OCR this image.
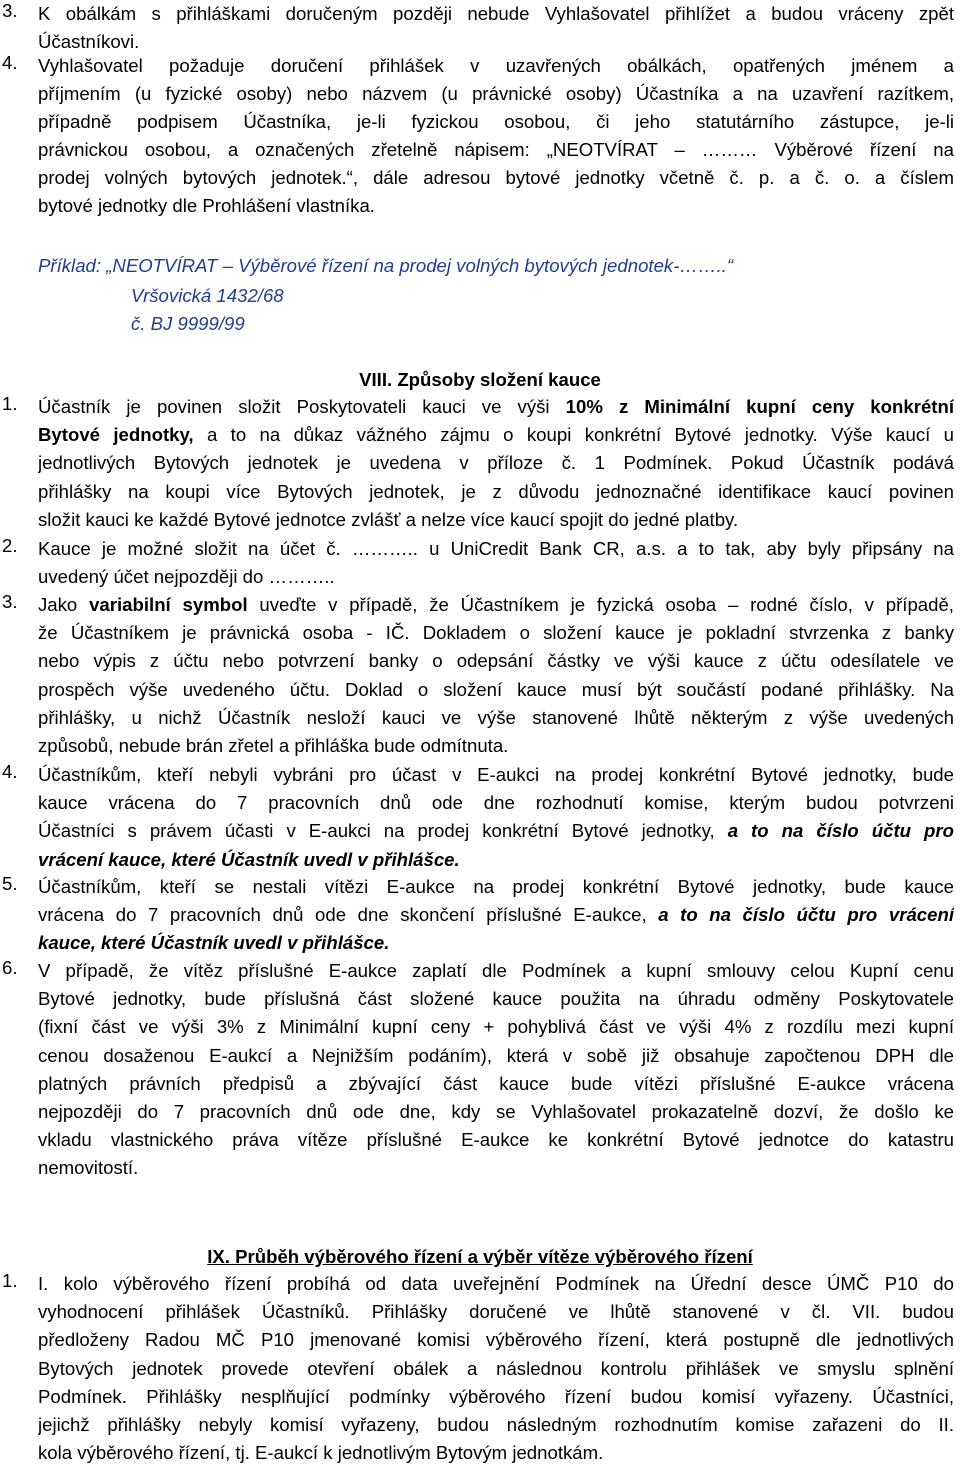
3. K obálkám s přihláškami doručeným později nebude Vyhlašovatel přihlížet a budou vráceny zpět
Účastníkovi.
4. Vyhlašovatel požaduje doručení přihlášek v uzavřených obálkách, opatřených jménem a
příjmením (u fyzické osoby) nebo názvem (u právnické osoby) Účastníka a na uzavření razítkem,
případně podpisem Účastníka, je-li fyzickou osobou, či jeho statutárního zástupce, je-li
právnickou osobou, a označených zřetelně nápisem: „NEOTVÍRAT – ……… Výběrové řízení na
prodej volných bytových jednotek.“, dále adresou bytové jednotky včetně č. p. a č. o. a číslem
bytové jednotky dle Prohlášení vlastníka.
Příklad: „NEOTVÍRAT – Výběrové řízení na prodej volných bytových jednotek-……..“
Vršovická 1432/68
č. BJ 9999/99
VIII. Způsoby složení kauce
1. Účastník je povinen složit Poskytovateli kauci ve výši 10% z Minimální kupní ceny konkrétní
Bytové jednotky, a to na důkaz vážného zájmu o koupi konkrétní Bytové jednotky. Výše kaucí u
jednotlivých Bytových jednotek je uvedena v příloze č. 1 Podmínek. Pokud Účastník podává
přihlášky na koupi více Bytových jednotek, je z důvodu jednoznačné identifikace kaucí povinen
složit kauci ke každé Bytové jednotce zvlášť a nelze více kaucí spojit do jedné platby.
2. Kauce je možné složit na účet č. ……….. u UniCredit Bank CR, a.s. a to tak, aby byly připsány na
uvedený účet nejpozději do ………..
3. Jako variabilní symbol uveďte v případě, že Účastníkem je fyzická osoba – rodné číslo, v případě,
že Účastníkem je právnická osoba - IČ. Dokladem o složení kauce je pokladní stvrzenka z banky
nebo výpis z účtu nebo potvrzení banky o odepsání částky ve výši kauce z účtu odesílatele ve
prospěch výše uvedeného účtu. Doklad o složení kauce musí být součástí podané přihlášky. Na
přihlášky, u nichž Účastník nesloží kauci ve výše stanovené lhůtě některým z výše uvedených
způsobů, nebude brán zřetel a přihláška bude odmítnuta.
4. Účastníkům, kteří nebyli vybráni pro účast v E-aukci na prodej konkrétní Bytové jednotky, bude
kauce vrácena do 7 pracovních dnů ode dne rozhodnutí komise, kterým budou potvrzeni
Účastníci s právem účasti v E-aukci na prodej konkrétní Bytové jednotky, a to na číslo účtu pro
vrácení kauce, které Účastník uvedl v přihlášce.
5. Účastníkům, kteří se nestali vítězi E-aukce na prodej konkrétní Bytové jednotky, bude kauce
vrácena do 7 pracovních dnů ode dne skončení příslušné E-aukce, a to na číslo účtu pro vrácení
kauce, které Účastník uvedl v přihlášce.
6. V případě, že vítěz příslušné E-aukce zaplatí dle Podmínek a kupní smlouvy celou Kupní cenu
Bytové jednotky, bude příslušná část složené kauce použita na úhradu odměny Poskytovatele
(fixní část ve výši 3% z Minimální kupní ceny + pohyblivá část ve výši 4% z rozdílu mezi kupní
cenou dosaženou E-aukcí a Nejnižším podáním), která v sobě již obsahuje započtenou DPH dle
platných právních předpisů a zbývající část kauce bude vítězi příslušné E-aukce vrácena
nejpozději do 7 pracovních dnů ode dne, kdy se Vyhlašovatel prokazatelně dozví, že došlo ke
vkladu vlastnického práva vítěze příslušné E-aukce ke konkrétní Bytové jednotce do katastru
nemovitostí.
IX. Průběh výběrového řízení a výběr vítěze výběrového řízení
1. I. kolo výběrového řízení probíhá od data uveřejnění Podmínek na Úřední desce ÚMČ P10 do
vyhodnocení přihlášek Účastníků. Přihlášky doručené ve lhůtě stanovené v čl. VII. budou
předloženy Radou MČ P10 jmenované komisi výběrového řízení, která postupně dle jednotlivých
Bytových jednotek provede otevření obálek a následnou kontrolu přihlášek ve smyslu splnění
Podmínek. Přihlášky nesplňující podmínky výběrového řízení budou komisí vyřazeny. Účastníci,
jejichž přihlášky nebyly komisí vyřazeny, budou následným rozhodnutím komise zařazeni do II.
kola výběrového řízení, tj. E-aukcí k jednotlivým Bytovým jednotkám.
